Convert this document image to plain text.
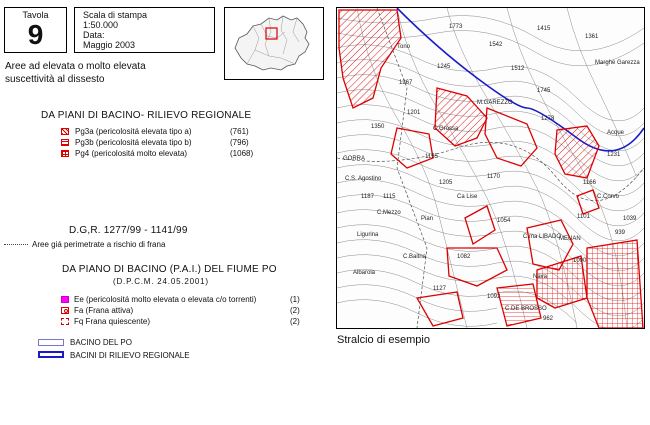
Tavola
9
Scala di stampa
1:50.000
Data:
Maggio 2003
Aree ad elevata o molto elevata
suscettività al dissesto
DA PIANI DI BACINO- RILIEVO REGIONALE
Pg3a (pericolositá elevata tipo a)	(761)
Pg3b (pericolositá elevata tipo b)	(796)
Pg4 (pericolositá molto elevata)	(1068)
D.G,R. 1277/99 - 1141/99
Aree giá perimetrate a rischio di frana
DA PIANO DI BACINO (P.A.I.) DEL FIUME PO
(D.P.C.M. 24.05.2001)
Ee (pericolositá molto elevata o elevata c/o torrenti)	(1)
Fa (Frana attiva)	(2)
Fq Frana quiescente)	(2)
BACINO DEL PO
BACINI DI RILIEVO REGIONALE
M.GAREZZO
Marghe Garezza
C.Grossa
GORRA
C.S. Agostino
C.Mezzo
Albarola
Pian
Ligurina	C.ma LIBADO
MEUAN
Ca Lise
C.Baitna
C.Corvo
Nava
Tono
Acque
C.DE BROSSO
1773
1542
1415
1361
1745
1512
1367
1350
1278
1170
1231
1166
1039
1054
1205
1115
1082
1155
1187
1092
1127
1101
1000
962
939
1201
1245
Stralcio di esempio
